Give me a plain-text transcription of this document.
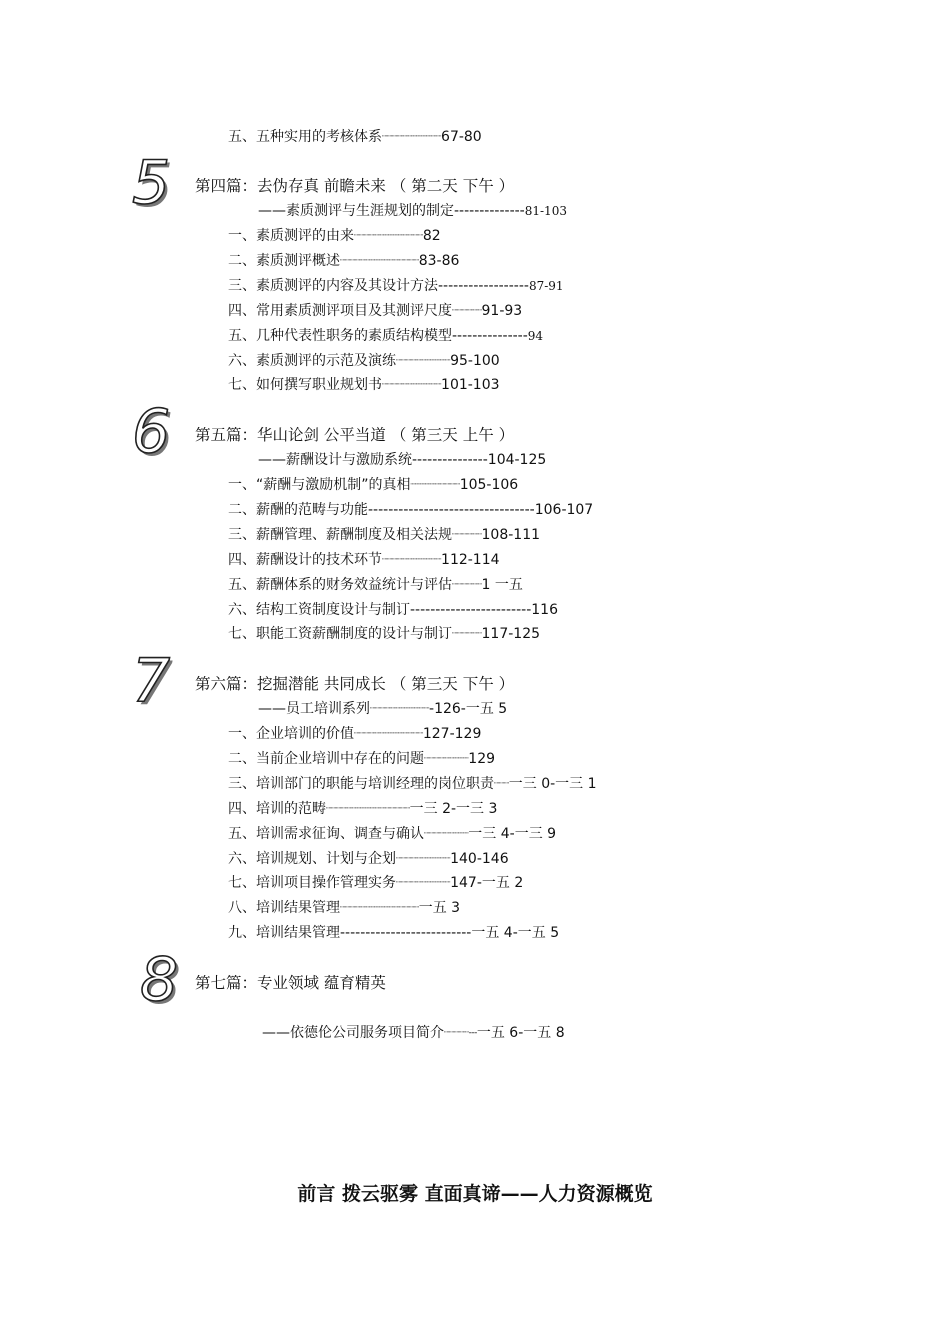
五、五种实用的考核体系┈┈┈┈┈┈┈┈┈┈┈┈67-80
5 第四篇：去伪存真 前瞻未来 （ 第二天 下午 ）
——素质测评与生涯规划的制定--------------81-103
一、素质测评的由来┈┈┈┈┈┈┈┈┈┈┈┈┈┈82
二、素质测评概述┈┈┈┈┈┈┈┈┈┈┈┈┈┈┈┈83-86
三、素质测评的内容及其设计方法------------------87-91
四、常用素质测评项目及其测评尺度┈┈┈┈┈┈91-93
五、几种代表性职务的素质结构模型---------------94
六、素质测评的示范及演练┈┈┈┈┈┈┈┈┈┈┈95-100
七、如何撰写职业规划书┈┈┈┈┈┈┈┈┈┈┈┈101-103
6 第五篇：华山论剑 公平当道 （ 第三天 上午 ）
——薪酬设计与激励系统---------------104-125
一、“薪酬与激励机制”的真相┈┈┈┈┈┈┈┈┈┈105-106
二、薪酬的范畴与功能---------------------------------106-107
三、薪酬管理、薪酬制度及相关法规┈┈┈┈┈┈108-111
四、薪酬设计的技术环节┈┈┈┈┈┈┈┈┈┈┈┈112-114
五、薪酬体系的财务效益统计与评估┈┈┈┈┈┈1 一五
六、结构工资制度设计与制订------------------------116
七、职能工资薪酬制度的设计与制订┈┈┈┈┈┈117-125
7 第六篇：挖掘潜能 共同成长 （ 第三天 下午 ）
——员工培训系列┈┈┈┈┈┈┈┈┈┈┈┈-126-一五 5
一、企业培训的价值┈┈┈┈┈┈┈┈┈┈┈┈┈┈127-129
二、当前企业培训中存在的问题┈┈┈┈┈┈┈┈┈129
三、培训部门的职能与培训经理的岗位职责┈┈┈一三 0-一三 1
四、培训的范畴┈┈┈┈┈┈┈┈┈┈┈┈┈┈┈┈┈一三 2-一三 3
五、培训需求征询、调查与确认┈┈┈┈┈┈┈┈┈一三 4-一三 9
六、培训规划、计划与企划┈┈┈┈┈┈┈┈┈┈┈140-146
七、培训项目操作管理实务┈┈┈┈┈┈┈┈┈┈┈147-一五 2
八、培训结果管理┈┈┈┈┈┈┈┈┈┈┈┈┈┈┈┈一五 3
九、培训结果管理--------------------------一五 4-一五 5
8 第七篇：专业领域 蕴育精英
——依德伦公司服务项目简介┈┈┈┈┈---一五 6-一五 8
前言 拨云驱雾 直面真谛——人力资源概览
